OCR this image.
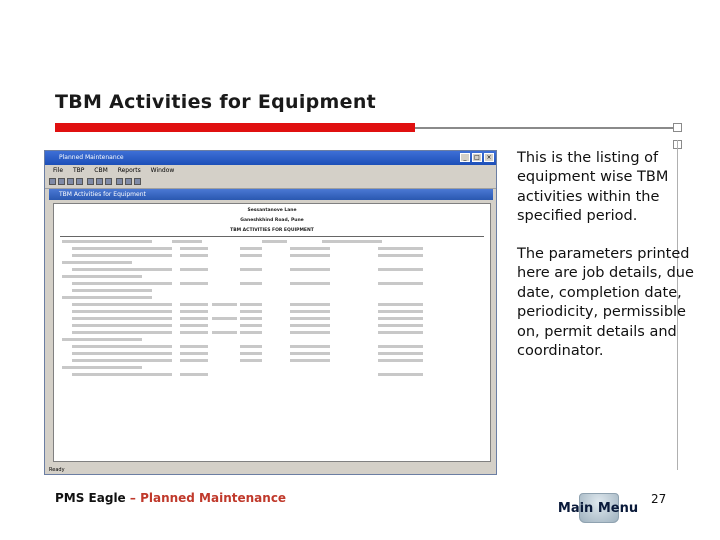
TBM Activities for Equipment
Planned Maintenance	_	□	×
File TBP CBM Reports Window
TBM Activities for Equipment
Sessantanove Lane
Ganeshkhind Road, Pune
TBM ACTIVITIES FOR EQUIPMENT
Ready
This is the listing of equipment wise TBM activities within the specified period.
The parameters printed here are job details, due date, completion date, periodicity, permissible on, permit details and coordinator.
PMS Eagle – Planned Maintenance
Main Menu
27
